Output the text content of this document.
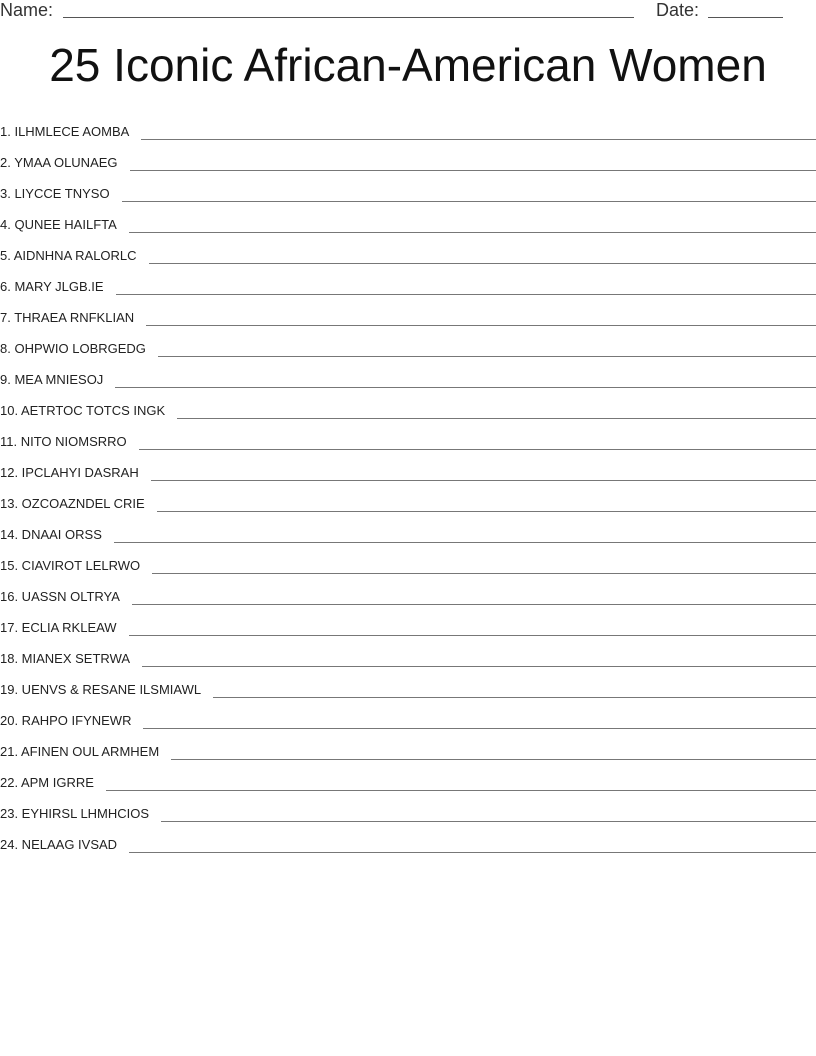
Name:	Date:
25 Iconic African-American Women
1. ILHMLECE AOMBA
2. YMAA OLUNAEG
3. LIYCCE TNYSO
4. QUNEE HAILFTA
5. AIDNHNA RALORLC
6. MARY JLGB.IE
7. THRAEA RNFKLIAN
8. OHPWIO LOBRGEDG
9. MEA MNIESOJ
10. AETRTOC TOTCS INGK
11. NITO NIOMSRRO
12. IPCLAHYI DASRAH
13. OZCOAZNDEL CRIE
14. DNAAI ORSS
15. CIAVIROT LELRWO
16. UASSN OLTRYA
17. ECLIA RKLEAW
18. MIANEX SETRWA
19. UENVS & RESANE ILSMIAWL
20. RAHPO IFYNEWR
21. AFINEN OUL ARMHEM
22. APM IGRRE
23. EYHIRSL LHMHCIOS
24. NELAAG IVSAD
